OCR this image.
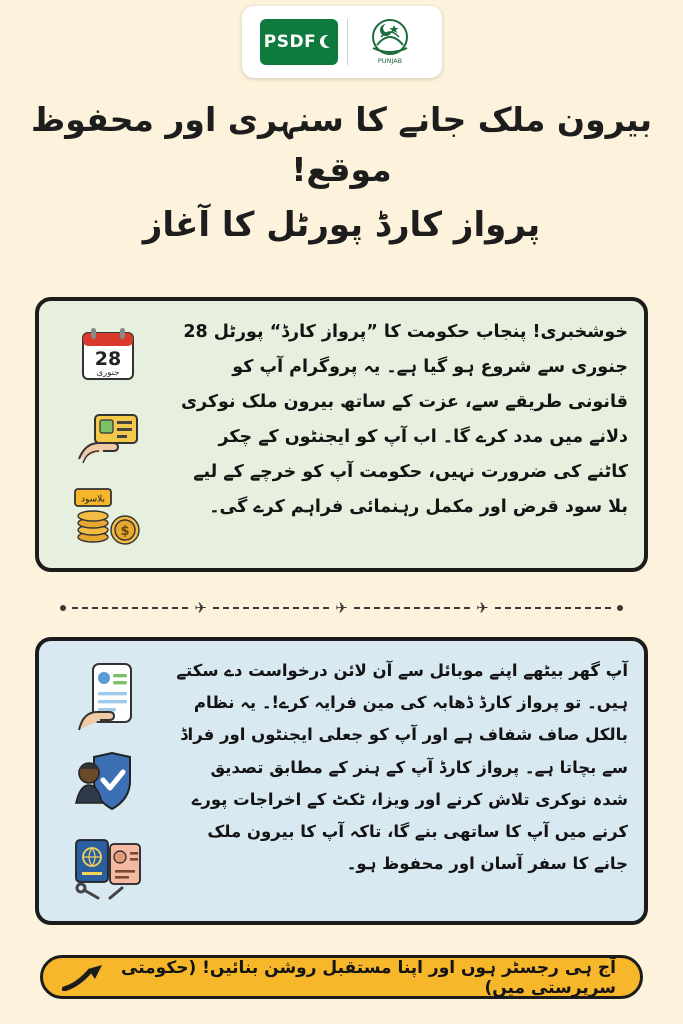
PUNJAB
PSDF
بیرون ملک جانے کا سنہری اور محفوظ موقع!
پرواز کارڈ پورٹل کا آغاز
خوشخبری! پنجاب حکومت کا ”پرواز کارڈ“ پورٹل 28 جنوری سے شروع ہو گیا ہے۔ یہ پروگرام آپ کو قانونی طریقے سے، عزت کے ساتھ بیرون ملک نوکری دلانے میں مدد کرے گا۔ اب آپ کو ایجنٹوں کے چکر کاٹنے کی ضرورت نہیں، حکومت آپ کو خرچے کے لیے بلا سود قرض اور مکمل رہنمائی فراہم کرے گی۔
28
جنوری
بلاسود
$
✈
✈
✈
آپ گھر بیٹھے اپنے موبائل سے آن لائن درخواست دے سکتے ہیں۔ تو پرواز کارڈ ڈھابہ کی مین فرایہ کرے!۔ یہ نظام بالکل صاف شفاف ہے اور آپ کو جعلی ایجنٹوں اور فراڈ سے بچاتا ہے۔ پرواز کارڈ آپ کے ہنر کے مطابق تصدیق شدہ نوکری تلاش کرنے اور ویزا، ٹکٹ کے اخراجات پورے کرنے میں آپ کا ساتھی بنے گا، تاکہ آپ کا بیرون ملک جانے کا سفر آسان اور محفوظ ہو۔
آج ہی رجسٹر ہوں اور اپنا مستقبل روشن بنائیں! (حکومتی سرپرستی میں)
